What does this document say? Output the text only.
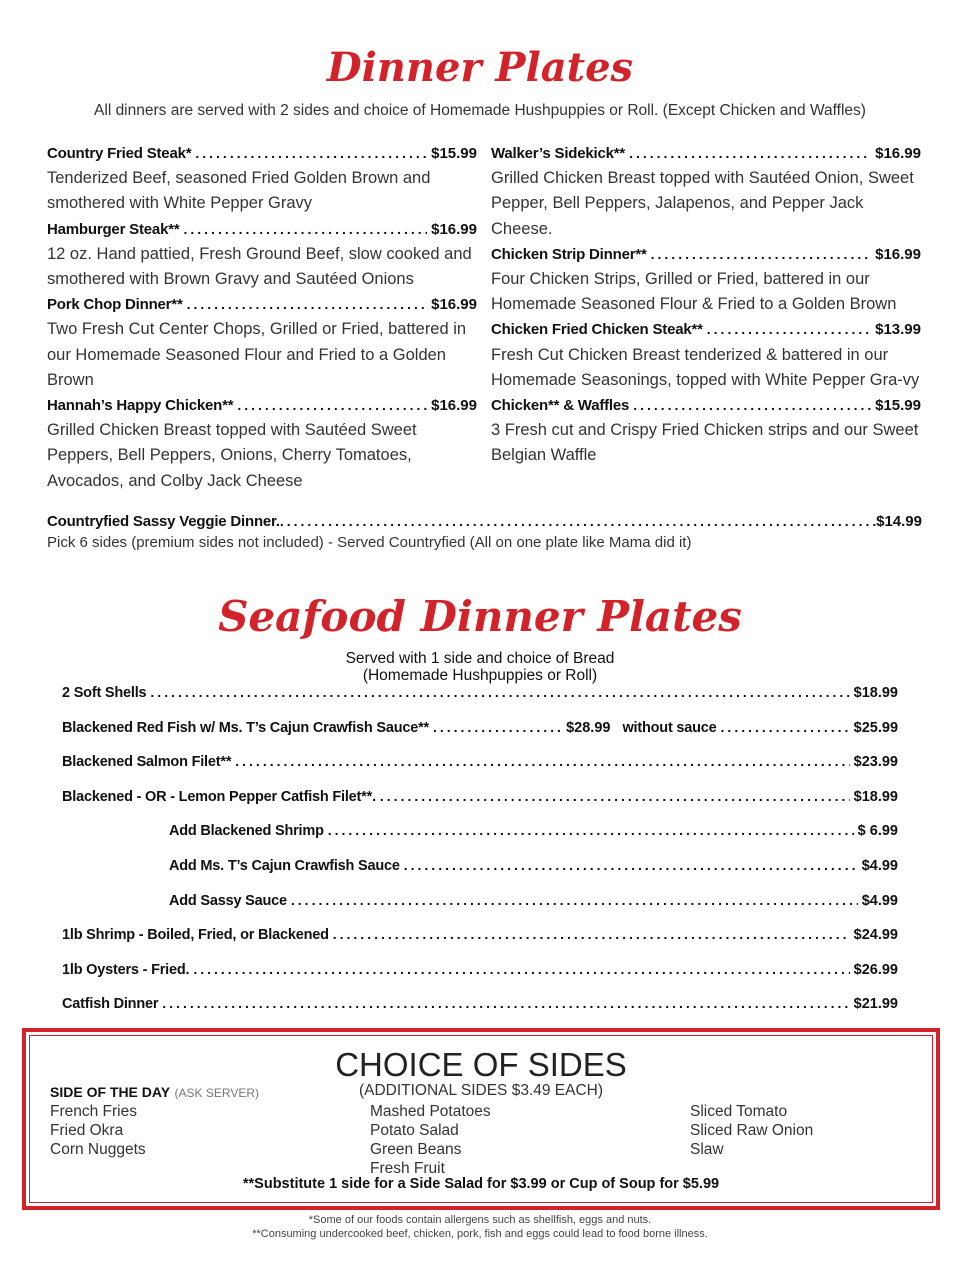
Dinner Plates
All dinners are served with 2 sides and choice of Homemade Hushpuppies or Roll. (Except Chicken and Waffles)
Country Fried Steak* .....	$15.99
Tenderized Beef, seasoned Fried Golden Brown and smothered with White Pepper Gravy
Hamburger Steak** .....	$16.99
12 oz. Hand pattied, Fresh Ground Beef, slow cooked and smothered with Brown Gravy and Sautéed Onions
Pork Chop Dinner** .....	$16.99
Two Fresh Cut Center Chops, Grilled or Fried, battered in our Homemade Seasoned Flour and Fried to a Golden Brown
Hannah’s Happy Chicken** .....	$16.99
Grilled Chicken Breast topped with Sautéed Sweet Peppers, Bell Peppers, Onions, Cherry Tomatoes, Avocados, and Colby Jack Cheese
Walker’s Sidekick** .....	$16.99
Grilled Chicken Breast topped with Sautéed Onion, Sweet Pepper, Bell Peppers, Jalapenos, and Pepper Jack Cheese.
Chicken Strip Dinner** .....	$16.99
Four Chicken Strips, Grilled or Fried, battered in our Homemade Seasoned Flour & Fried to a Golden Brown
Chicken Fried Chicken Steak** .....	$13.99
Fresh Cut Chicken Breast tenderized & battered in our Homemade Seasonings, topped with White Pepper Gra-vy
Chicken** & Waffles .....	$15.99
3 Fresh cut and Crispy Fried Chicken strips and our Sweet Belgian Waffle
Countryfied Sassy Veggie Dinner. .....	$14.99
Pick 6 sides (premium sides not included) - Served Countryfied (All on one plate like Mama did it)
Seafood Dinner Plates
Served with 1 side and choice of Bread
(Homemade Hushpuppies or Roll)
2 Soft Shells .....	$18.99
Blackened Red Fish w/ Ms. T’s Cajun Crawfish Sauce** .....	$28.99 without sauce .....	$25.99
Blackened Salmon Filet** .....	$23.99
Blackened - OR - Lemon Pepper Catfish Filet**. .....	$18.99
Add Blackened Shrimp .....	$ 6.99
Add Ms. T’s Cajun Crawfish Sauce .....	$4.99
Add Sassy Sauce .....	$4.99
1lb Shrimp - Boiled, Fried, or Blackened .....	$24.99
1lb Oysters - Fried. .....	$26.99
Catfish Dinner .....	$21.99
CHOICE OF SIDES
(ADDITIONAL SIDES $3.49 EACH)
SIDE OF THE DAY (ASK SERVER)
French Fries
Fried Okra
Corn Nuggets
Mashed Potatoes
Potato Salad
Green Beans
Fresh Fruit
Sliced Tomato
Sliced Raw Onion
Slaw
**Substitute 1 side for a Side Salad for $3.99 or Cup of Soup for $5.99
*Some of our foods contain allergens such as shellfish, eggs and nuts.
**Consuming undercooked beef, chicken, pork, fish and eggs could lead to food borne illness.
